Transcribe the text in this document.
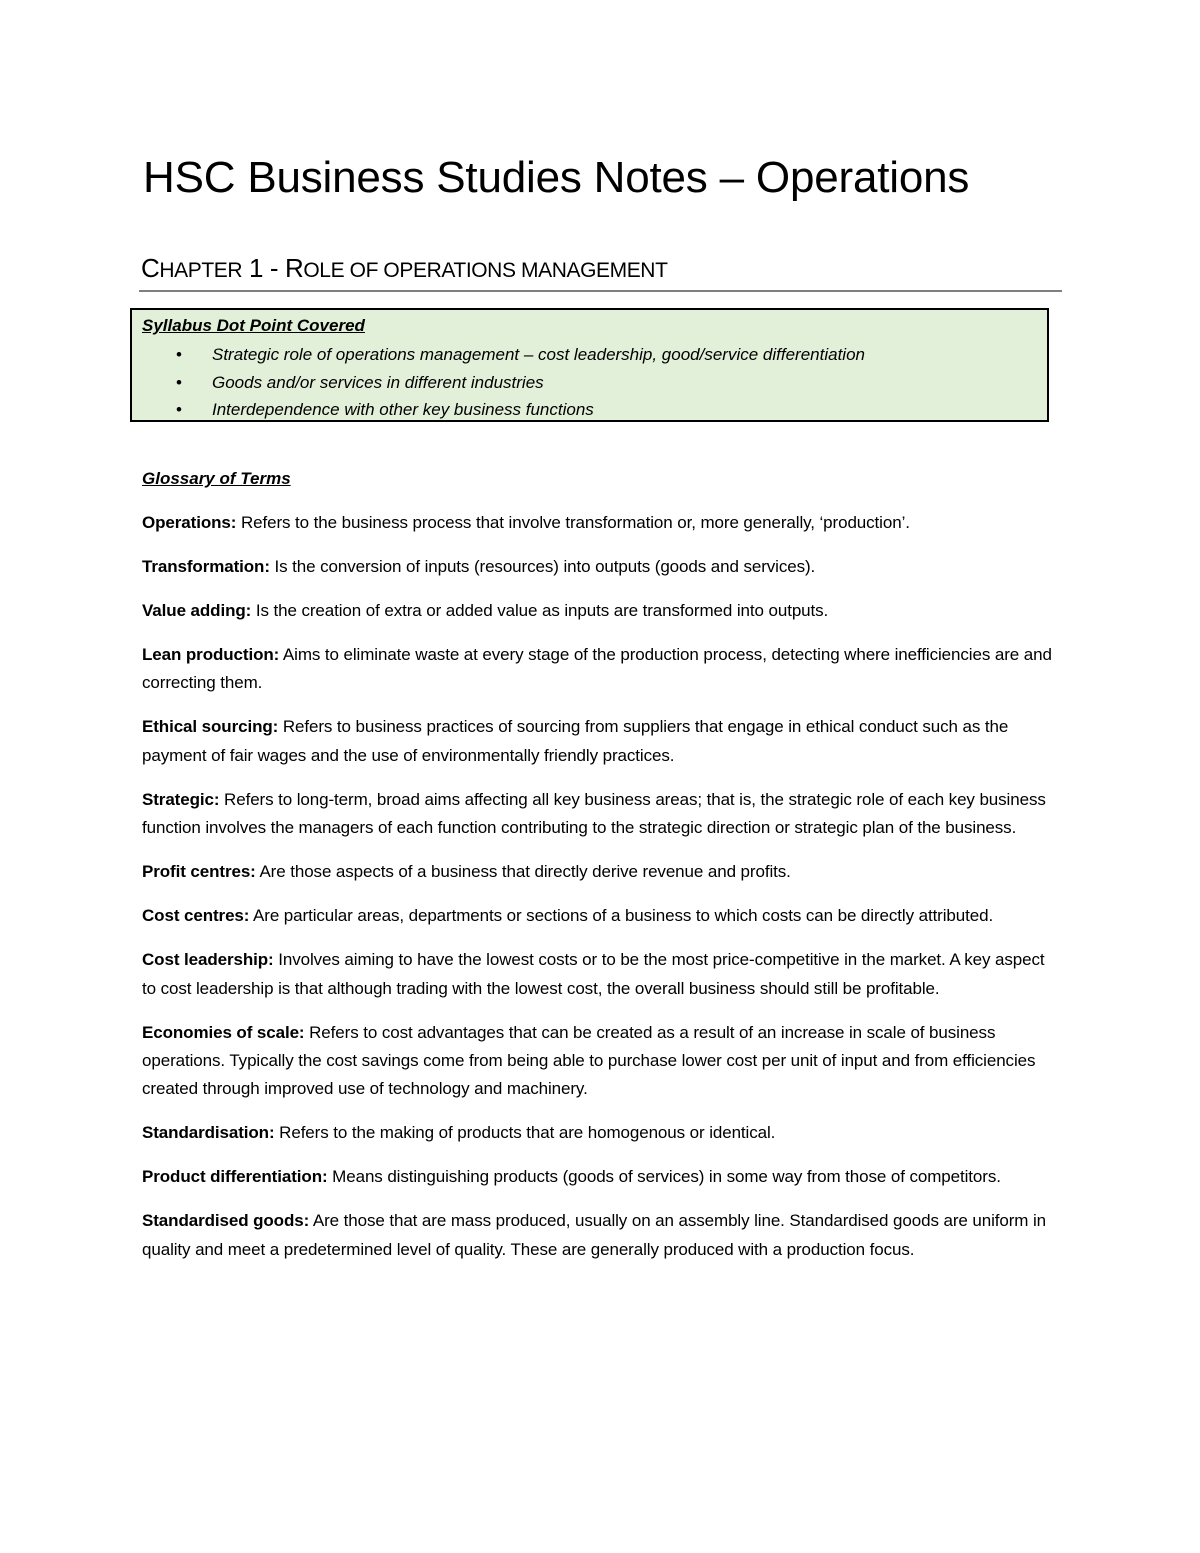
HSC Business Studies Notes – Operations
CHAPTER 1 - ROLE OF OPERATIONS MANAGEMENT
Syllabus Dot Point Covered
• Strategic role of operations management – cost leadership, good/service differentiation
• Goods and/or services in different industries
• Interdependence with other key business functions
Glossary of Terms

Operations: Refers to the business process that involve transformation or, more generally, ‘production’.

Transformation: Is the conversion of inputs (resources) into outputs (goods and services).

Value adding: Is the creation of extra or added value as inputs are transformed into outputs.

Lean production: Aims to eliminate waste at every stage of the production process, detecting where inefficiencies are and correcting them.

Ethical sourcing: Refers to business practices of sourcing from suppliers that engage in ethical conduct such as the payment of fair wages and the use of environmentally friendly practices.

Strategic: Refers to long-term, broad aims affecting all key business areas; that is, the strategic role of each key business function involves the managers of each function contributing to the strategic direction or strategic plan of the business.

Profit centres: Are those aspects of a business that directly derive revenue and profits.

Cost centres: Are particular areas, departments or sections of a business to which costs can be directly attributed.

Cost leadership: Involves aiming to have the lowest costs or to be the most price-competitive in the market. A key aspect to cost leadership is that although trading with the lowest cost, the overall business should still be profitable.

Economies of scale: Refers to cost advantages that can be created as a result of an increase in scale of business operations. Typically the cost savings come from being able to purchase lower cost per unit of input and from efficiencies created through improved use of technology and machinery.

Standardisation: Refers to the making of products that are homogenous or identical.

Product differentiation: Means distinguishing products (goods of services) in some way from those of competitors.

Standardised goods: Are those that are mass produced, usually on an assembly line. Standardised goods are uniform in quality and meet a predetermined level of quality. These are generally produced with a production focus.
